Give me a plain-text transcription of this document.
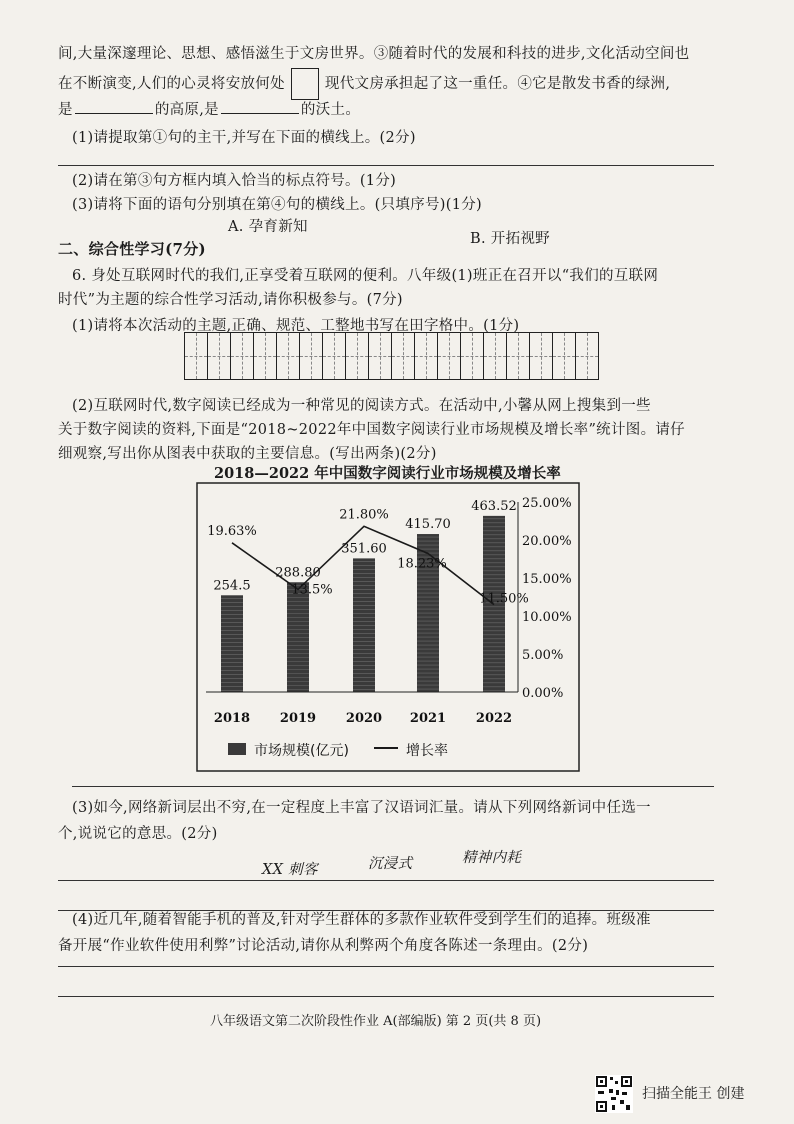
间,大量深邃理论、思想、感悟滋生于文房世界。③随着时代的发展和科技的进步,文化活动空间也
在不断演变,人们的心灵将安放何处	现代文房承担起了这一重任。④它是散发书香的绿洲,
是	的高原,是	的沃土。
(1)请提取第①句的主干,并写在下面的横线上。(2分)
(2)请在第③句方框内填入恰当的标点符号。(1分)
(3)请将下面的语句分别填在第④句的横线上。(只填序号)(1分)
A. 孕育新知
B. 开拓视野
二、综合性学习(7分)
6. 身处互联网时代的我们,正享受着互联网的便利。八年级(1)班正在召开以“我们的互联网
时代”为主题的综合性学习活动,请你积极参与。(7分)
(1)请将本次活动的主题,正确、规范、工整地书写在田字格中。(1分)
(2)互联网时代,数字阅读已经成为一种常见的阅读方式。在活动中,小馨从网上搜集到一些
关于数字阅读的资料,下面是“2018~2022年中国数字阅读行业市场规模及增长率”统计图。请仔
细观察,写出你从图表中获取的主要信息。(写出两条)(2分)
2018—2022 年中国数字阅读行业市场规模及增长率
254.5
288.80
351.60
415.70
463.52
19.63%
13.5%
21.80%
18.23%
11.50%
25.00%
20.00%
15.00%
10.00%
5.00%
0.00%
2018 2019 2020 2021 2022
市场规模(亿元)	增长率
(3)如今,网络新词层出不穷,在一定程度上丰富了汉语词汇量。请从下列网络新词中任选一
个,说说它的意思。(2分)
XX 刺客	沉浸式	精神内耗
(4)近几年,随着智能手机的普及,针对学生群体的多款作业软件受到学生们的追捧。班级准
备开展“作业软件使用利弊”讨论活动,请你从利弊两个角度各陈述一条理由。(2分)
八年级语文第二次阶段性作业 A(部编版) 第 2 页(共 8 页)
扫描全能王 创建
